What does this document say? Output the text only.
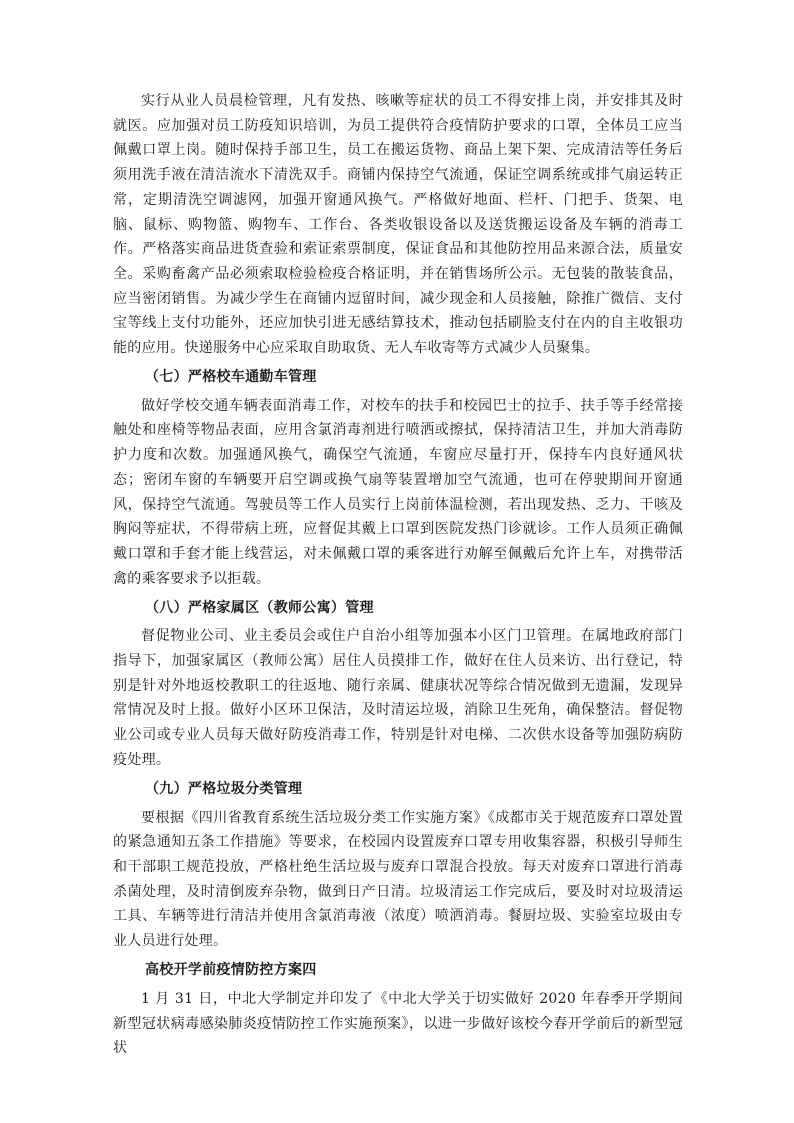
实行从业人员晨检管理，凡有发热、咳嗽等症状的员工不得安排上岗，并安排其及时就医。应加强对员工防疫知识培训，为员工提供符合疫情防护要求的口罩，全体员工应当佩戴口罩上岗。随时保持手部卫生，员工在搬运货物、商品上架下架、完成清洁等任务后须用洗手液在清洁流水下清洗双手。商铺内保持空气流通，保证空调系统或排气扇运转正常，定期清洗空调滤网，加强开窗通风换气。严格做好地面、栏杆、门把手、货架、电脑、鼠标、购物篮、购物车、工作台、各类收银设备以及送货搬运设备及车辆的消毒工作。严格落实商品进货查验和索证索票制度，保证食品和其他防控用品来源合法，质量安全。采购畜禽产品必须索取检验检疫合格证明，并在销售场所公示。无包装的散装食品，应当密闭销售。为减少学生在商铺内逗留时间，减少现金和人员接触，除推广微信、支付宝等线上支付功能外，还应加快引进无感结算技术，推动包括刷脸支付在内的自主收银功能的应用。快递服务中心应采取自助取货、无人车收寄等方式减少人员聚集。

（七）严格校车通勤车管理

做好学校交通车辆表面消毒工作，对校车的扶手和校园巴士的拉手、扶手等手经常接触处和座椅等物品表面，应用含氯消毒剂进行喷洒或擦拭，保持清洁卫生，并加大消毒防护力度和次数。加强通风换气，确保空气流通，车窗应尽量打开，保持车内良好通风状态；密闭车窗的车辆要开启空调或换气扇等装置增加空气流通，也可在停驶期间开窗通风，保持空气流通。驾驶员等工作人员实行上岗前体温检测，若出现发热、乏力、干咳及胸闷等症状，不得带病上班，应督促其戴上口罩到医院发热门诊就诊。工作人员须正确佩戴口罩和手套才能上线营运，对未佩戴口罩的乘客进行劝解至佩戴后允许上车，对携带活禽的乘客要求予以拒载。

（八）严格家属区（教师公寓）管理

督促物业公司、业主委员会或住户自治小组等加强本小区门卫管理。在属地政府部门指导下，加强家属区（教师公寓）居住人员摸排工作，做好在住人员来访、出行登记，特别是针对外地返校教职工的往返地、随行亲属、健康状况等综合情况做到无遗漏，发现异常情况及时上报。做好小区环卫保洁，及时清运垃圾，消除卫生死角，确保整洁。督促物业公司或专业人员每天做好防疫消毒工作，特别是针对电梯、二次供水设备等加强防病防疫处理。

（九）严格垃圾分类管理

要根据《四川省教育系统生活垃圾分类工作实施方案》《成都市关于规范废弃口罩处置的紧急通知五条工作措施》等要求，在校园内设置废弃口罩专用收集容器，积极引导师生和干部职工规范投放，严格杜绝生活垃圾与废弃口罩混合投放。每天对废弃口罩进行消毒杀菌处理，及时清倒废弃杂物，做到日产日清。垃圾清运工作完成后，要及时对垃圾清运工具、车辆等进行清洁并使用含氯消毒液（浓度）喷洒消毒。餐厨垃圾、实验室垃圾由专业人员进行处理。

高校开学前疫情防控方案四

1 月 31 日，中北大学制定并印发了《中北大学关于切实做好 2020 年春季开学期间新型冠状病毒感染肺炎疫情防控工作实施预案》，以进一步做好该校今春开学前后的新型冠状
